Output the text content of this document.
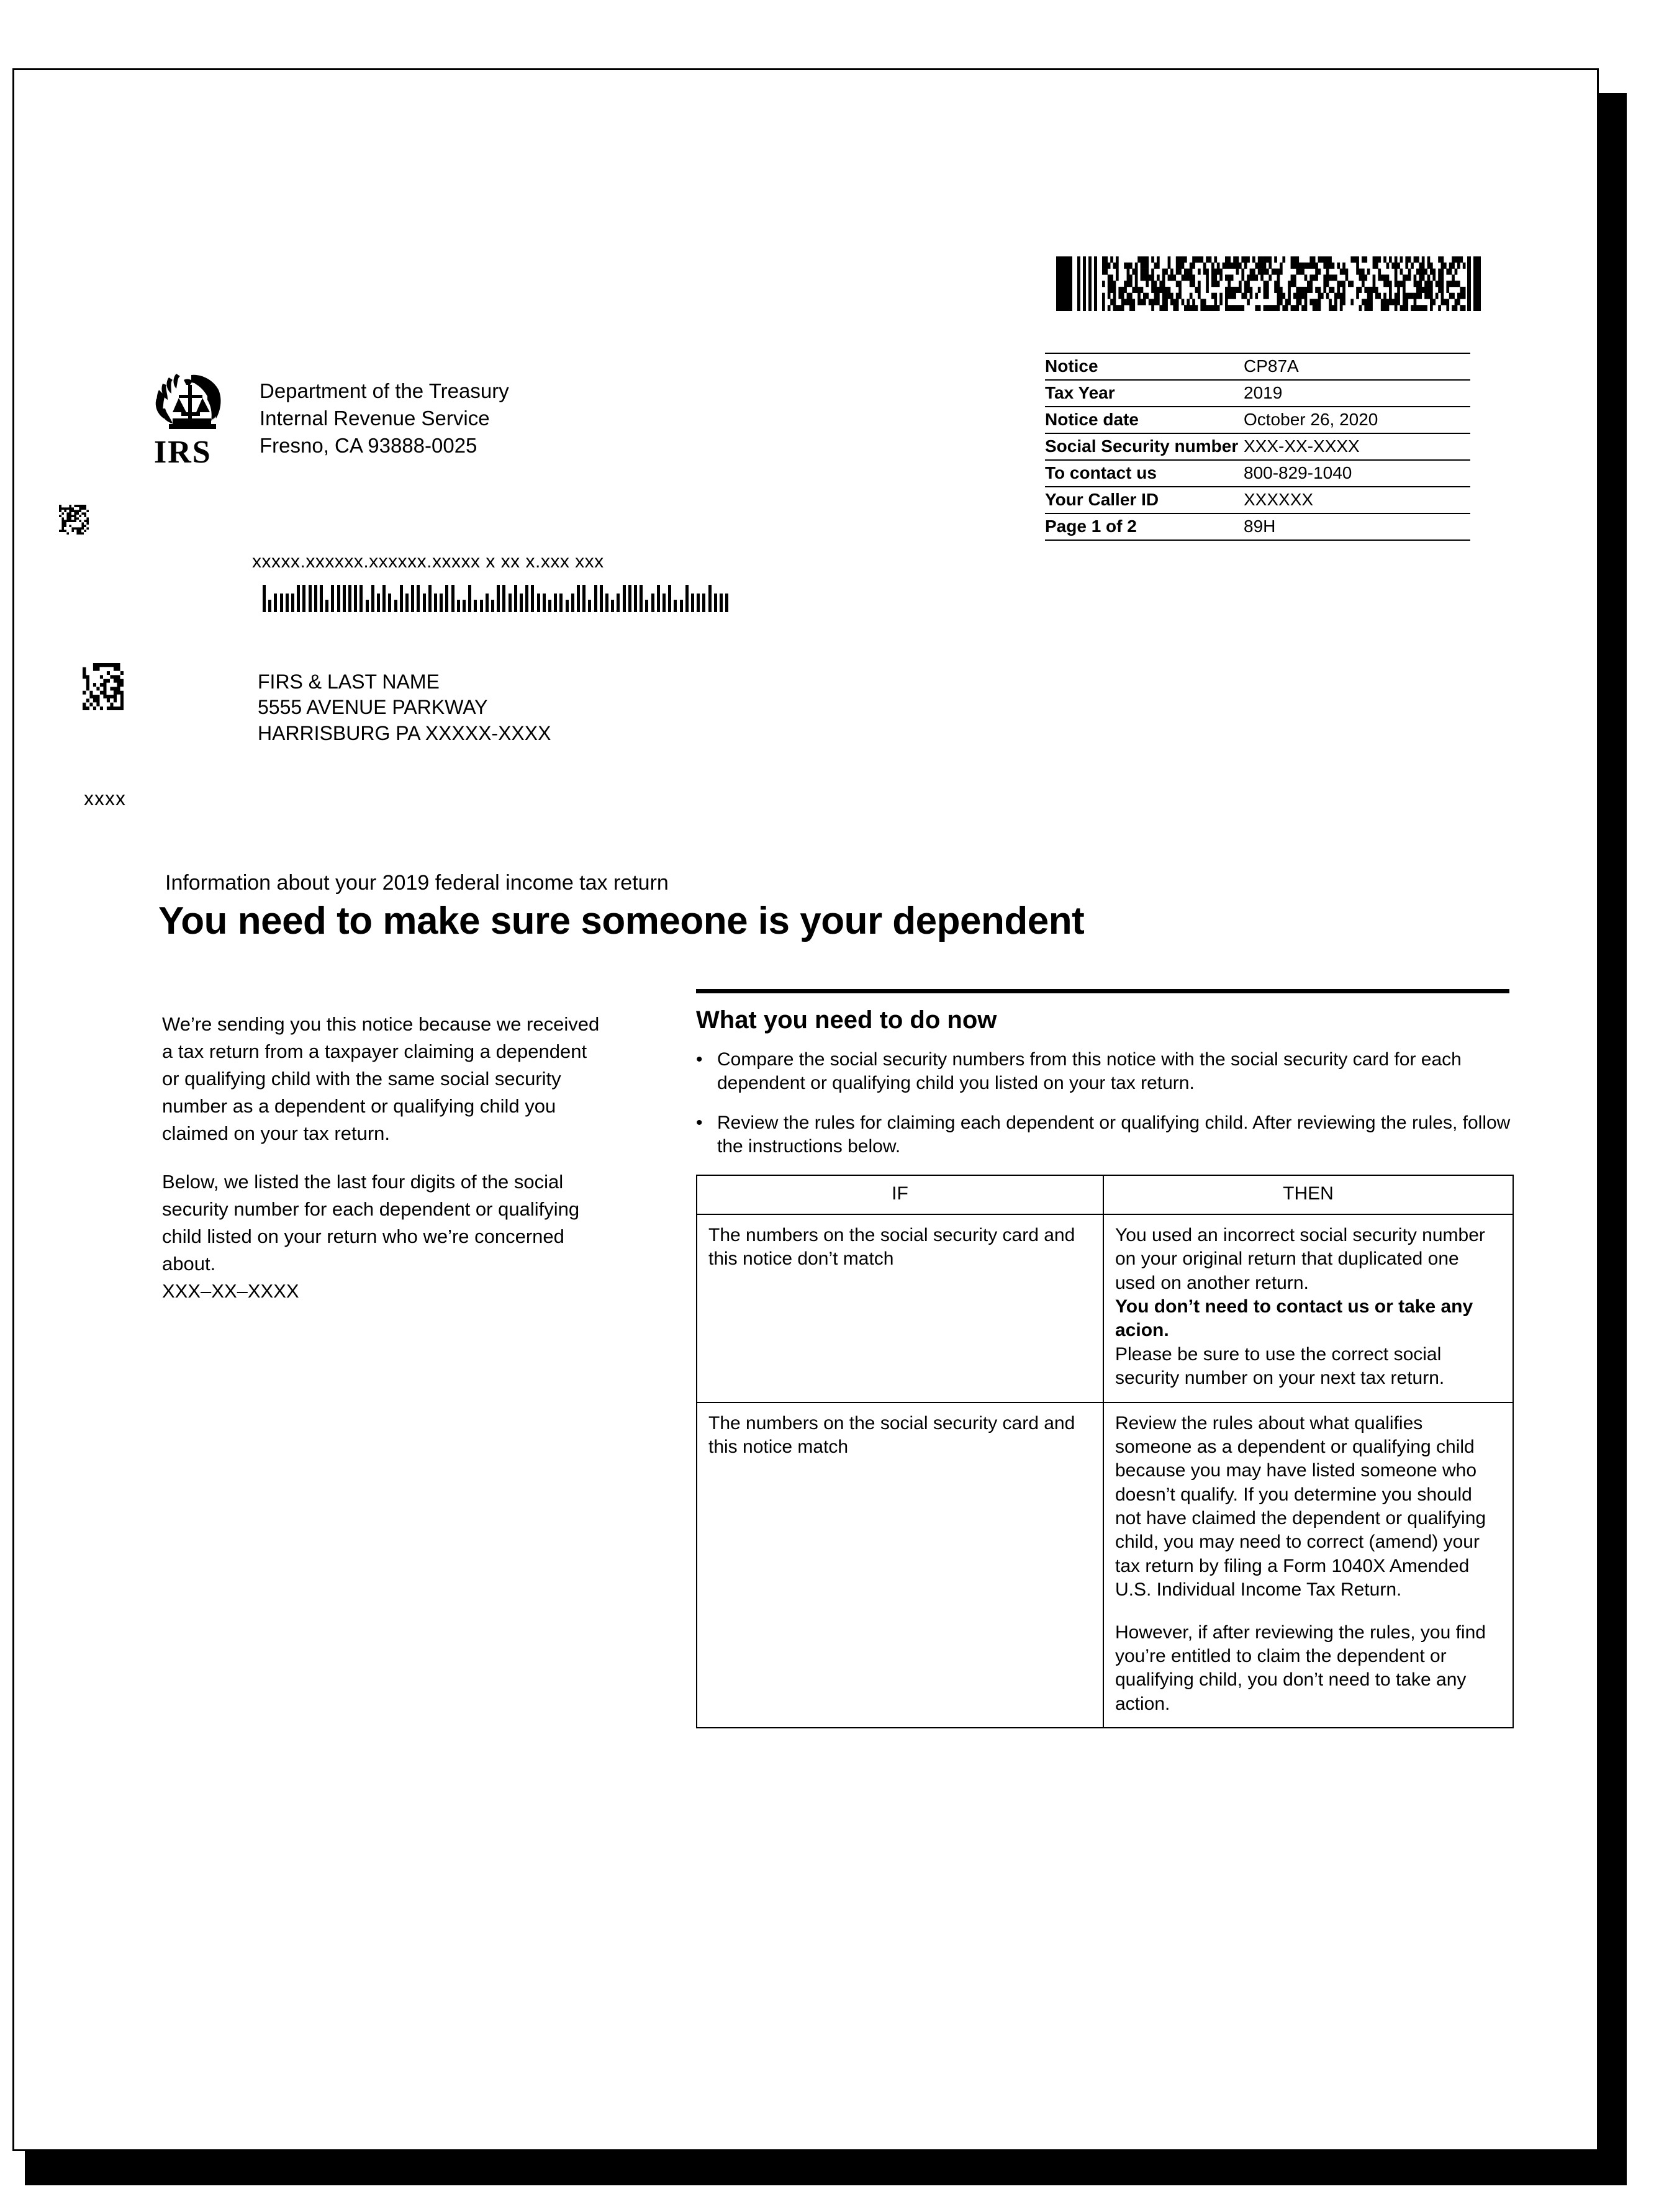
IRS
Department of the Treasury
Internal Revenue Service
Fresno, CA 93888-0025
Notice	CP87A
Tax Year	2019
Notice date	October 26, 2020
Social Security number XXX-XX-XXXX
To contact us	800-829-1040
Your Caller ID	XXXXXX
Page 1 of 2	89H
xxxxx.xxxxxx.xxxxxx.xxxxx x xx x.xxx xxx
FIRS & LAST NAME
5555 AVENUE PARKWAY
HARRISBURG PA XXXXX-XXXX
xxxx
Information about your 2019 federal income tax return
You need to make sure someone is your dependent

We’re sending you this notice because we received a tax return from a taxpayer claiming a dependent or qualifying child with the same social security number as a dependent or qualifying child you claimed on your tax return.

Below, we listed the last four digits of the social security number for each dependent or qualifying child listed on your return who we’re concerned about.

XXX–XX–XXXX
What you need to do now
• Compare the social security numbers from this notice with the social security card for each dependent or qualifying child you listed on your tax return.
• Review the rules for claiming each dependent or qualifying child. After reviewing the rules, follow the instructions below.
IF	THEN

The numbers on the social security card and this notice don’t match	You used an incorrect social security number on your original return that duplicated one used on another return.

You don’t need to contact us or take any acion.

Please be sure to use the correct social security number on your next tax return.

The numbers on the social security card and this notice match	Review the rules about what qualifies someone as a dependent or qualifying child because you may have listed someone who doesn’t qualify. If you determine you should not have claimed the dependent or qualifying child, you may need to correct (amend) your tax return by filing a Form 1040X Amended U.S. Individual Income Tax Return.

However, if after reviewing the rules, you find you’re entitled to claim the dependent or qualifying child, you don’t need to take any action.
